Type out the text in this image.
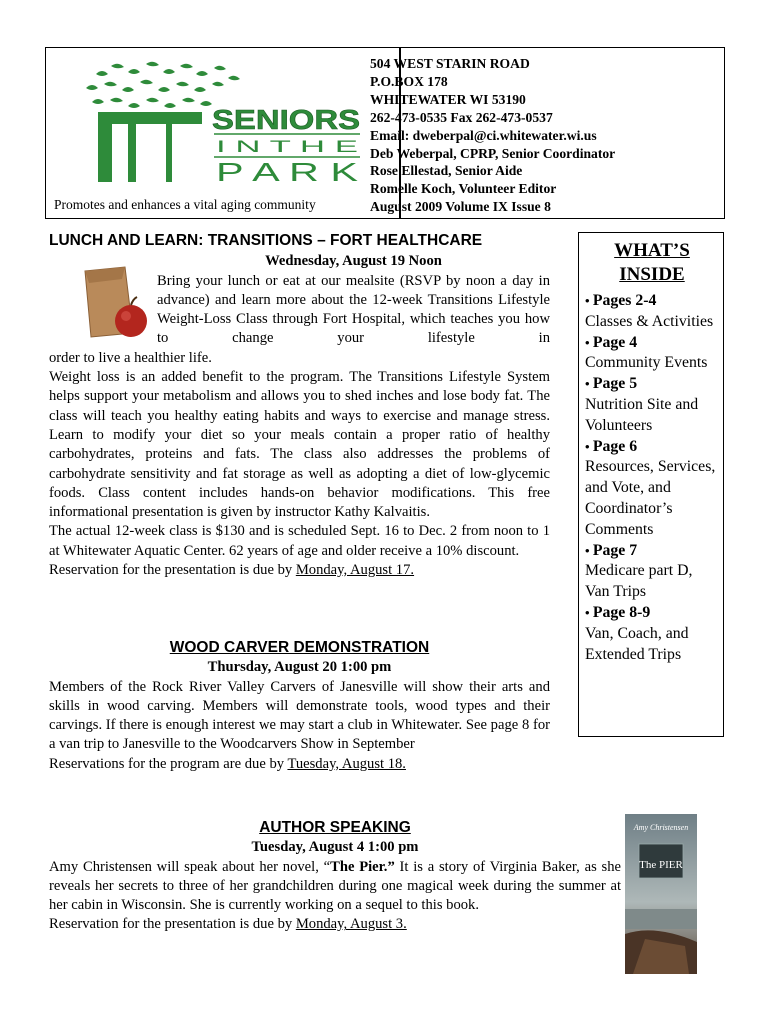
SENIORS
I N T H E
P A R K
Promotes and enhances a vital aging community
504 WEST STARIN ROAD
P.O.BOX 178
WHITEWATER WI 53190
262-473-0535 Fax 262-473-0537
Email: dweberpal@ci.whitewater.wi.us
Deb Weberpal, CPRP, Senior Coordinator
Rose Ellestad, Senior Aide
Romelle Koch, Volunteer Editor
August 2009 Volume IX Issue 8
LUNCH AND LEARN: TRANSITIONS – FORT HEALTHCARE
Wednesday, August 19 Noon
Bring your lunch or eat at our mealsite (RSVP by noon a day in advance) and learn more about the 12-week Transitions Lifestyle Weight-Loss Class through Fort Hospital, which teaches you how to change your lifestyle in
order to live a healthier life.
Weight loss is an added benefit to the program. The Transitions Lifestyle System helps support your metabolism and allows you to shed inches and lose body fat. The class will teach you healthy eating habits and ways to exercise and manage stress. Learn to modify your diet so your meals contain a proper ratio of healthy carbohydrates, proteins and fats. The class also addresses the problems of carbohydrate sensitivity and fat storage as well as adopting a diet of low-glycemic foods. Class content includes hands-on behavior modifications. This free informational presentation is given by instructor Kathy Kalvaitis.
The actual 12-week class is $130 and is scheduled Sept. 16 to Dec. 2 from noon to 1 at Whitewater Aquatic Center. 62 years of age and older receive a 10% discount.
Reservation for the presentation is due by Monday, August 17.
WOOD CARVER DEMONSTRATION
Thursday, August 20 1:00 pm
Members of the Rock River Valley Carvers of Janesville will show their arts and skills in wood carving. Members will demonstrate tools, wood types and their carvings. If there is enough interest we may start a club in Whitewater. See page 8 for a van trip to Janesville to the Woodcarvers Show in September
Reservations for the program are due by Tuesday, August 18.
AUTHOR SPEAKING
Tuesday, August 4 1:00 pm
Amy Christensen will speak about her novel, “The Pier.” It is a story of Virginia Baker, as she reveals her secrets to three of her grandchildren during one magical week during the summer at her cabin in Wisconsin. She is currently working on a sequel to this book.
Reservation for the presentation is due by Monday, August 3.
Amy Christensen
The PIER
WHAT’S INSIDE
• Pages 2-4
Classes & Activities
• Page 4
Community Events
• Page 5
Nutrition Site and Volunteers
• Page 6
Resources, Services, and Vote, and Coordinator’s Comments
• Page 7
Medicare part D, Van Trips
• Page 8-9
Van, Coach, and Extended Trips
